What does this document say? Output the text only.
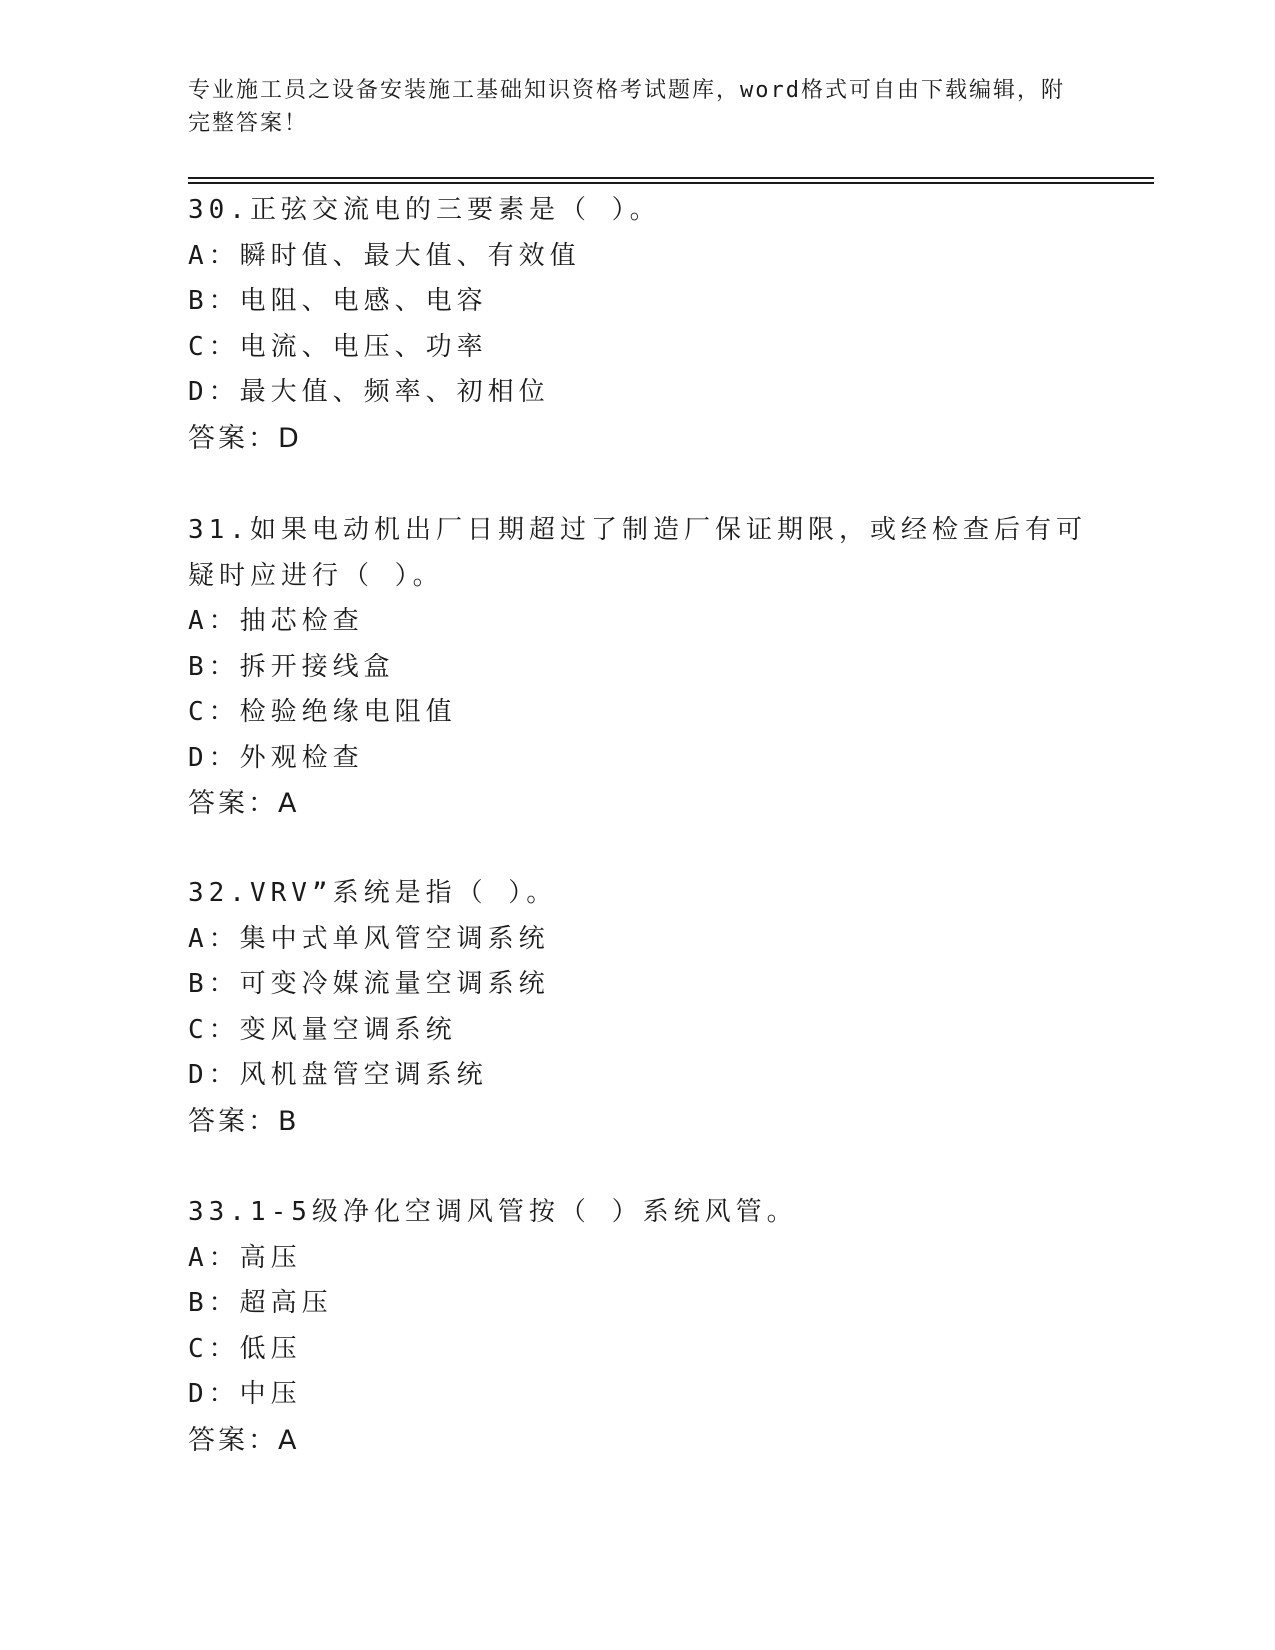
专业施工员之设备安装施工基础知识资格考试题库，word格式可自由下载编辑，附完整答案！
30.正弦交流电的三要素是（ ）。
A：瞬时值、最大值、有效值
B：电阻、电感、电容
C：电流、电压、功率
D：最大值、频率、初相位
答案：D
31.如果电动机出厂日期超过了制造厂保证期限，或经检查后有可疑时应进行（ ）。
A：抽芯检查
B：拆开接线盒
C：检验绝缘电阻值
D：外观检查
答案：A
32.VRV”系统是指（ ）。
A：集中式单风管空调系统
B：可变冷媒流量空调系统
C：变风量空调系统
D：风机盘管空调系统
答案：B
33.1-5级净化空调风管按（ ）系统风管。
A：高压
B：超高压
C：低压
D：中压
答案：A
